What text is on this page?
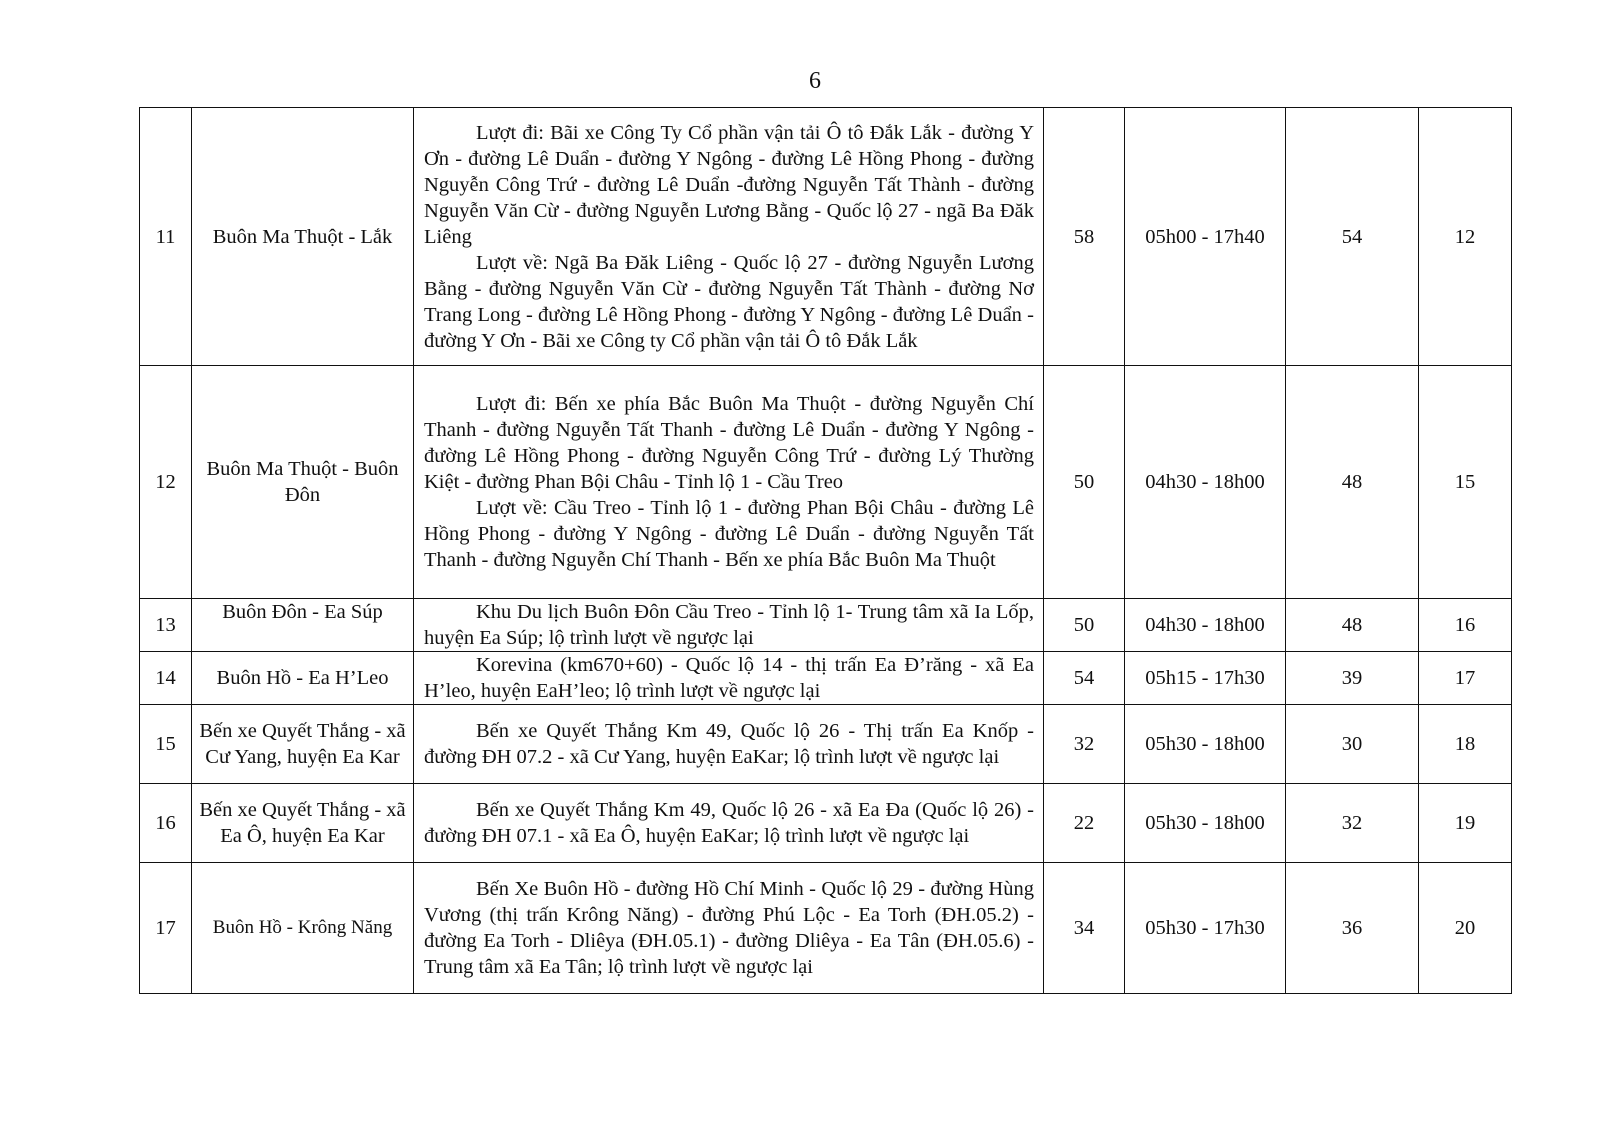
6
11	Buôn Ma Thuột - Lắk	Lượt đi: Bãi xe Công Ty Cổ phần vận tải Ô tô Đắk Lắk - đường Y Ơn - đường Lê Duẩn - đường Y Ngông - đường Lê Hồng Phong - đường Nguyễn Công Trứ - đường Lê Duẩn -đường Nguyễn Tất Thành - đường Nguyễn Văn Cừ - đường Nguyễn Lương Bằng - Quốc lộ 27 - ngã Ba Đăk Liêng
Lượt về: Ngã Ba Đăk Liêng - Quốc lộ 27 - đường Nguyễn Lương Bằng - đường Nguyễn Văn Cừ - đường Nguyễn Tất Thành - đường Nơ Trang Long - đường Lê Hồng Phong - đường Y Ngông - đường Lê Duẩn - đường Y Ơn - Bãi xe Công ty Cổ phần vận tải Ô tô Đắk Lắk	58	05h00 - 17h40	54	12
12	Buôn Ma Thuột - Buôn Đôn	Lượt đi: Bến xe phía Bắc Buôn Ma Thuột - đường Nguyễn Chí Thanh - đường Nguyễn Tất Thanh - đường Lê Duẩn - đường Y Ngông - đường Lê Hồng Phong - đường Nguyễn Công Trứ - đường Lý Thường Kiệt - đường Phan Bội Châu - Tỉnh lộ 1 - Cầu Treo
Lượt về: Cầu Treo - Tỉnh lộ 1 - đường Phan Bội Châu - đường Lê Hồng Phong - đường Y Ngông - đường Lê Duẩn - đường Nguyễn Tất Thanh - đường Nguyễn Chí Thanh - Bến xe phía Bắc Buôn Ma Thuột	50	04h30 - 18h00	48	15
13	Buôn Đôn - Ea Súp	Khu Du lịch Buôn Đôn Cầu Treo - Tỉnh lộ 1- Trung tâm xã Ia Lốp, huyện Ea Súp; lộ trình lượt về ngược lại	50	04h30 - 18h00	48	16
14	Buôn Hồ - Ea H’Leo	Korevina (km670+60) - Quốc lộ 14 - thị trấn Ea Đ’răng - xã Ea H’leo, huyện EaH’leo; lộ trình lượt về ngược lại	54	05h15 - 17h30	39	17
15	Bến xe Quyết Thắng - xã Cư Yang, huyện Ea Kar	Bến xe Quyết Thắng Km 49, Quốc lộ 26 - Thị trấn Ea Knốp - đường ĐH 07.2 - xã Cư Yang, huyện EaKar; lộ trình lượt về ngược lại	32	05h30 - 18h00	30	18
16	Bến xe Quyết Thắng - xã Ea Ô, huyện Ea Kar	Bến xe Quyết Thắng Km 49, Quốc lộ 26 - xã Ea Đa (Quốc lộ 26) - đường ĐH 07.1 - xã Ea Ô, huyện EaKar; lộ trình lượt về ngược lại	22	05h30 - 18h00	32	19
17	Buôn Hồ - Krông Năng	Bến Xe Buôn Hồ - đường Hồ Chí Minh - Quốc lộ 29 - đường Hùng Vương (thị trấn Krông Năng) - đường Phú Lộc - Ea Torh (ĐH.05.2) - đường Ea Torh - Dliêya (ĐH.05.1) - đường Dliêya - Ea Tân (ĐH.05.6) - Trung tâm xã Ea Tân; lộ trình lượt về ngược lại	34	05h30 - 17h30	36	20
